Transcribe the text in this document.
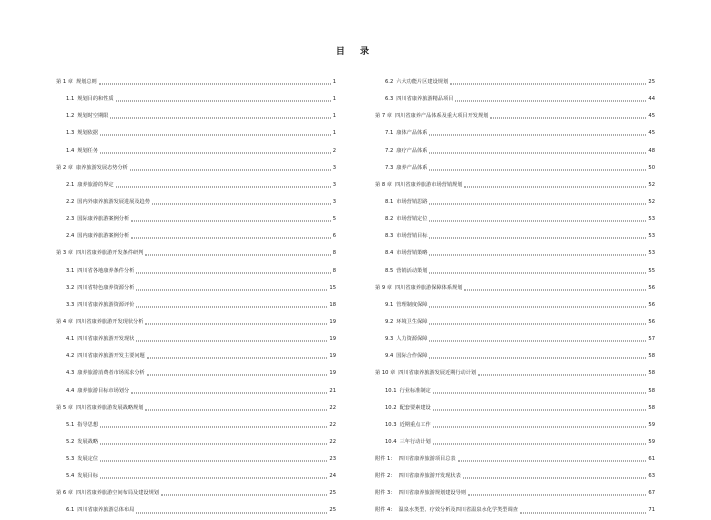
目 录
第 1 章 规划总则	1
1.1 规划目的和性质	1
1.2 规划时空期限	1
1.3 规划依据	1
1.4 规划任务	2
第 2 章 康养旅游发展态势分析	3
2.1 康养旅游的界定	3
2.2 国内外康养旅游发展进展及趋势	3
2.3 国际康养旅游案例分析	5
2.4 国内康养旅游案例分析	6
第 3 章 四川省康养旅游开发条件研判	8
3.1 四川省各地康养条件分析	8
3.2 四川省特色康养资源分析	15
3.3 四川省康养旅游资源评价	18
第 4 章 四川省康养旅游开发现状分析	19
4.1 四川省康养旅游开发现状	19
4.2 四川省康养旅游开发主要问题	19
4.3 康养旅游消费者市场需求分析	19
4.4 康养旅游目标市场划分	21
第 5 章 四川省康养旅游发展战略规划	22
5.1 指导思想	22
5.2 发展战略	22
5.3 发展定位	23
5.4 发展目标	24
第 6 章 四川省康养旅游空间布局及建设规划	25
6.1 四川省康养旅游总体布局	25
6.2 六大功能片区建设规划	25
6.3 四川省康养旅游精品项目	44
第 7 章 四川省康养产品体系及重大项目开发规划	45
7.1 康体产品体系	45
7.2 康疗产品体系	48
7.3 康养产品体系	50
第 8 章 四川省康养旅游市场营销规划	52
8.1 市场营销思路	52
8.2 市场营销定位	53
8.3 市场营销目标	53
8.4 市场营销策略	53
8.5 营销活动策划	55
第 9 章 四川省康养旅游保障体系规划	56
9.1 管理制度保障	56
9.2 环境卫生保障	56
9.3 人力资源保障	57
9.4 国际合作保障	58
第 10 章 四川省康养旅游发展近期行动计划	58
10.1 行业标准制定	58
10.2 配套要素建设	58
10.3 近期重点工作	59
10.4 三年行动计划	59
附件 1： 四川省康养旅游项目总表	61
附件 2： 四川省康养旅游开发现状表	63
附件 3： 四川省康养旅游规划建设导则	67
附件 4： 温泉水类型、疗效分析及四川省温泉水化学类型调查	71
